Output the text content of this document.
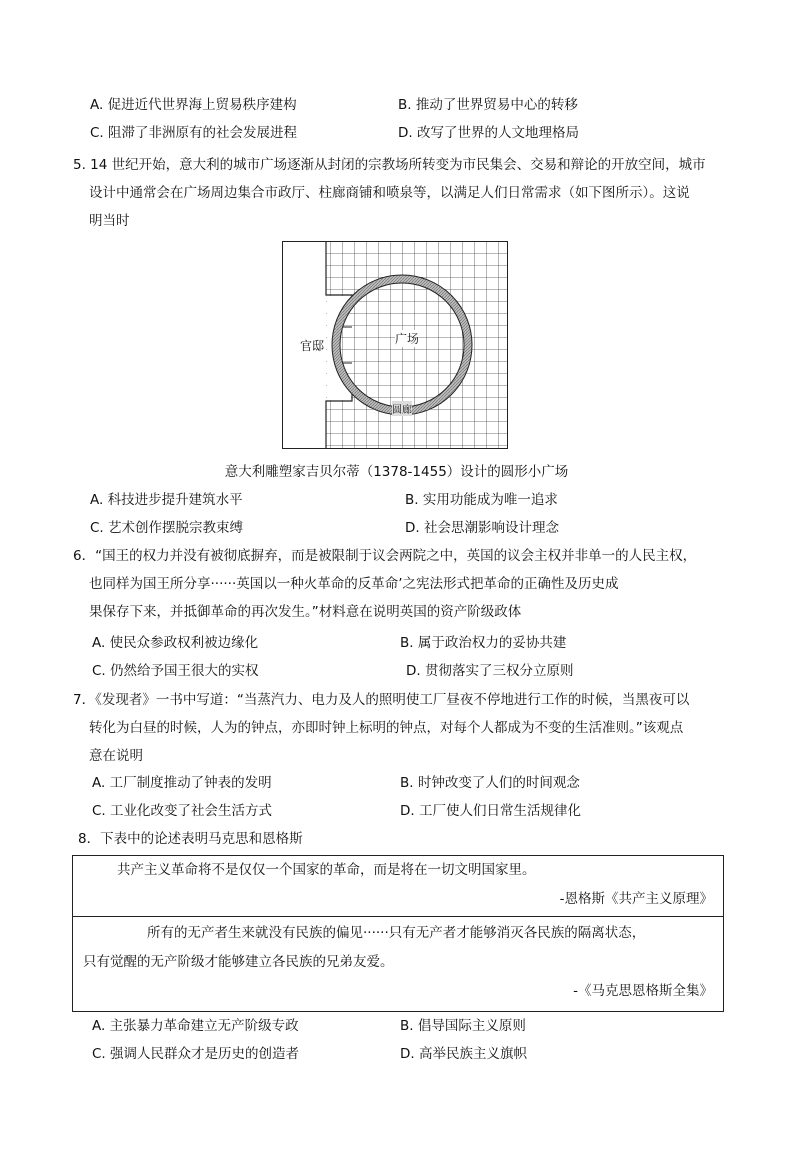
A. 促进近代世界海上贸易秩序建构	B. 推动了世界贸易中心的转移
C. 阻滞了非洲原有的社会发展进程	D. 改写了世界的人文地理格局
5. 14 世纪开始，意大利的城市广场逐渐从封闭的宗教场所转变为市民集会、交易和辩论的开放空间，城市
设计中通常会在广场周边集合市政厅、柱廊商铺和喷泉等，以满足人们日常需求（如下图所示）。这说
明当时
官邸	广场
圆廊
意大利雕塑家吉贝尔蒂（1378-1455）设计的圆形小广场
A. 科技进步提升建筑水平	B. 实用功能成为唯一追求
C. 艺术创作摆脱宗教束缚	D. 社会思潮影响设计理念
6．“国王的权力并没有被彻底摒弃，而是被限制于议会两院之中，英国的议会主权并非单一的人民主权，
也同样为国王所分享······英国以一种火革命的反革命’之宪法形式把革命的正确性及历史成
果保存下来，并抵御革命的再次发生。”材料意在说明英国的资产阶级政体
A. 使民众参政权利被边缘化	B. 属于政治权力的妥协共建
C. 仍然给予国王很大的实权	D. 贯彻落实了三权分立原则
7．《发现者》一书中写道：“当蒸汽力、电力及人的照明使工厂昼夜不停地进行工作的时候，当黑夜可以
转化为白昼的时候，人为的钟点，亦即时钟上标明的钟点，对每个人都成为不变的生活准则。”该观点
意在说明
A. 工厂制度推动了钟表的发明	B. 时钟改变了人们的时间观念
C. 工业化改变了社会生活方式	D. 工厂使人们日常生活规律化
8．下表中的论述表明马克思和恩格斯
共产主义革命将不是仅仅一个国家的革命，而是将在一切文明国家里。
-恩格斯《共产主义原理》

所有的无产者生来就没有民族的偏见······只有无产者才能够消灭各民族的隔离状态，
只有觉醒的无产阶级才能够建立各民族的兄弟友爱。
-《马克思恩格斯全集》
A. 主张暴力革命建立无产阶级专政	B. 倡导国际主义原则
C. 强调人民群众才是历史的创造者	D. 高举民族主义旗帜
